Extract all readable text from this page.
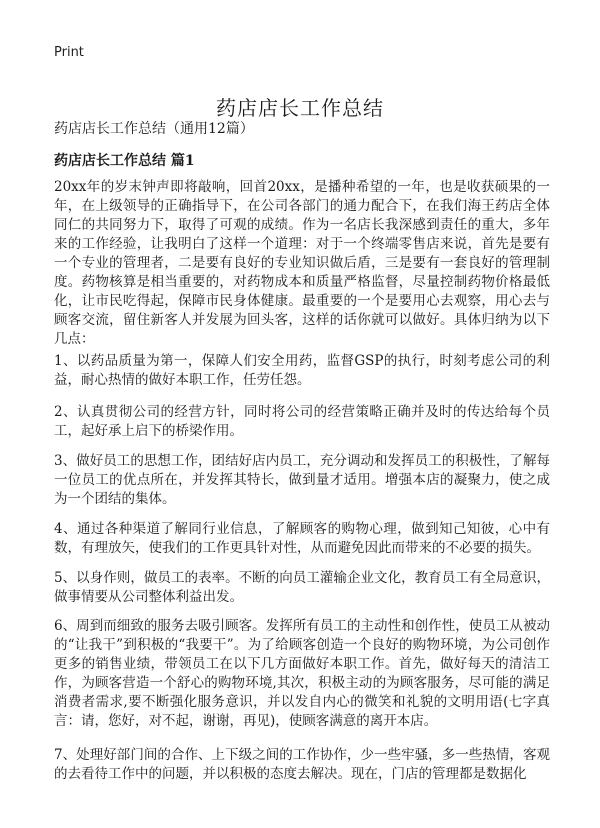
Print
药店店长工作总结
药店店长工作总结（通用12篇）
药店店长工作总结 篇1

20xx年的岁末钟声即将敲响，回首20xx，是播种希望的一年，也是收获硕果的一年，在上级领导的正确指导下，在公司各部门的通力配合下，在我们海王药店全体同仁的共同努力下，取得了可观的成绩。作为一名店长我深感到责任的重大，多年来的工作经验，让我明白了这样一个道理：对于一个终端零售店来说，首先是要有一个专业的管理者，二是要有良好的专业知识做后盾，三是要有一套良好的管理制度。药物核算是相当重要的，对药物成本和质量严格监督，尽量控制药物价格最低化，让市民吃得起，保障市民身体健康。最重要的一个是要用心去观察，用心去与顾客交流，留住新客人并发展为回头客，这样的话你就可以做好。具体归纳为以下几点：

1、以药品质量为第一，保障人们安全用药，监督GSP的执行，时刻考虑公司的利益，耐心热情的做好本职工作，任劳任怨。

2、认真贯彻公司的经营方针，同时将公司的经营策略正确并及时的传达给每个员工，起好承上启下的桥梁作用。

3、做好员工的思想工作，团结好店内员工，充分调动和发挥员工的积极性，了解每一位员工的优点所在，并发挥其特长，做到量才适用。增强本店的凝聚力，使之成为一个团结的集体。

4、通过各种渠道了解同行业信息，了解顾客的购物心理，做到知己知彼，心中有数，有理放矢，使我们的工作更具针对性，从而避免因此而带来的不必要的损失。

5、以身作则，做员工的表率。不断的向员工灌输企业文化，教育员工有全局意识，做事情要从公司整体利益出发。

6、周到而细致的服务去吸引顾客。发挥所有员工的主动性和创作性，使员工从被动的“让我干”到积极的“我要干”。为了给顾客创造一个良好的购物环境，为公司创作更多的销售业绩，带领员工在以下几方面做好本职工作。首先，做好每天的清洁工作，为顾客营造一个舒心的购物环境,其次，积极主动的为顾客服务，尽可能的满足消费者需求,要不断强化服务意识，并以发自内心的微笑和礼貌的文明用语(七字真言：请，您好，对不起，谢谢，再见)，使顾客满意的离开本店。

7、处理好部门间的合作、上下级之间的工作协作，少一些牢骚，多一些热情，客观的去看待工作中的问题，并以积极的态度去解决。现在，门店的管理都是数据化
